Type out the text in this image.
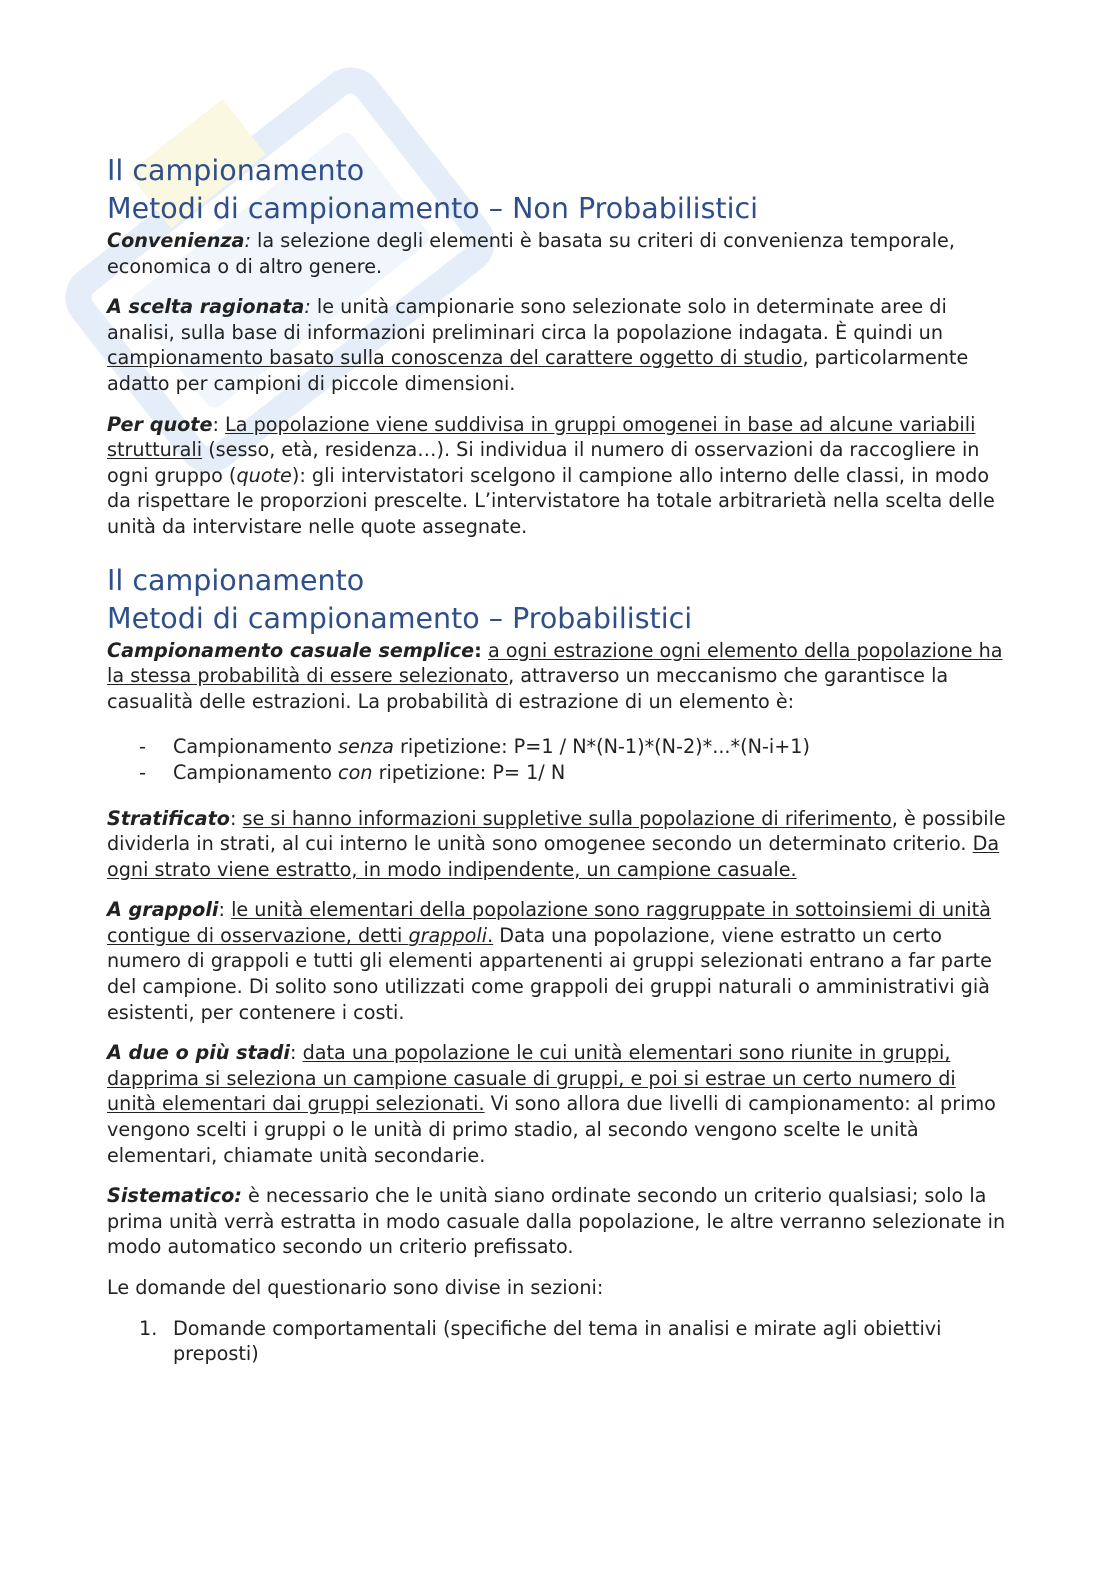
Il campionamento
Metodi di campionamento – Non Probabilistici

Convenienza: la selezione degli elementi è basata su criteri di convenienza temporale, economica o di altro genere.

A scelta ragionata: le unità campionarie sono selezionate solo in determinate aree di analisi, sulla base di informazioni preliminari circa la popolazione indagata. È quindi un campionamento basato sulla conoscenza del carattere oggetto di studio, particolarmente adatto per campioni di piccole dimensioni.

Per quote: La popolazione viene suddivisa in gruppi omogenei in base ad alcune variabili strutturali (sesso, età, residenza…). Si individua il numero di osservazioni da raccogliere in ogni gruppo (quote): gli intervistatori scelgono il campione allo interno delle classi, in modo da rispettare le proporzioni prescelte. L’intervistatore ha totale arbitrarietà nella scelta delle unità da intervistare nelle quote assegnate.

Il campionamento
Metodi di campionamento – Probabilistici

Campionamento casuale semplice: a ogni estrazione ogni elemento della popolazione ha la stessa probabilità di essere selezionato, attraverso un meccanismo che garantisce la casualità delle estrazioni. La probabilità di estrazione di un elemento è:

- Campionamento senza ripetizione: P=1 / N*(N-1)*(N-2)*...*(N-i+1)
- Campionamento con ripetizione: P= 1/ N

Stratificato: se si hanno informazioni suppletive sulla popolazione di riferimento, è possibile dividerla in strati, al cui interno le unità sono omogenee secondo un determinato criterio. Da ogni strato viene estratto, in modo indipendente, un campione casuale.

A grappoli: le unità elementari della popolazione sono raggruppate in sottoinsiemi di unità contigue di osservazione, detti grappoli. Data una popolazione, viene estratto un certo numero di grappoli e tutti gli elementi appartenenti ai gruppi selezionati entrano a far parte del campione. Di solito sono utilizzati come grappoli dei gruppi naturali o amministrativi già esistenti, per contenere i costi.

A due o più stadi: data una popolazione le cui unità elementari sono riunite in gruppi, dapprima si seleziona un campione casuale di gruppi, e poi si estrae un certo numero di unità elementari dai gruppi selezionati. Vi sono allora due livelli di campionamento: al primo vengono scelti i gruppi o le unità di primo stadio, al secondo vengono scelte le unità elementari, chiamate unità secondarie.

Sistematico: è necessario che le unità siano ordinate secondo un criterio qualsiasi; solo la prima unità verrà estratta in modo casuale dalla popolazione, le altre verranno selezionate in modo automatico secondo un criterio prefissato.

Le domande del questionario sono divise in sezioni:

1. Domande comportamentali (specifiche del tema in analisi e mirate agli obiettivi preposti)
